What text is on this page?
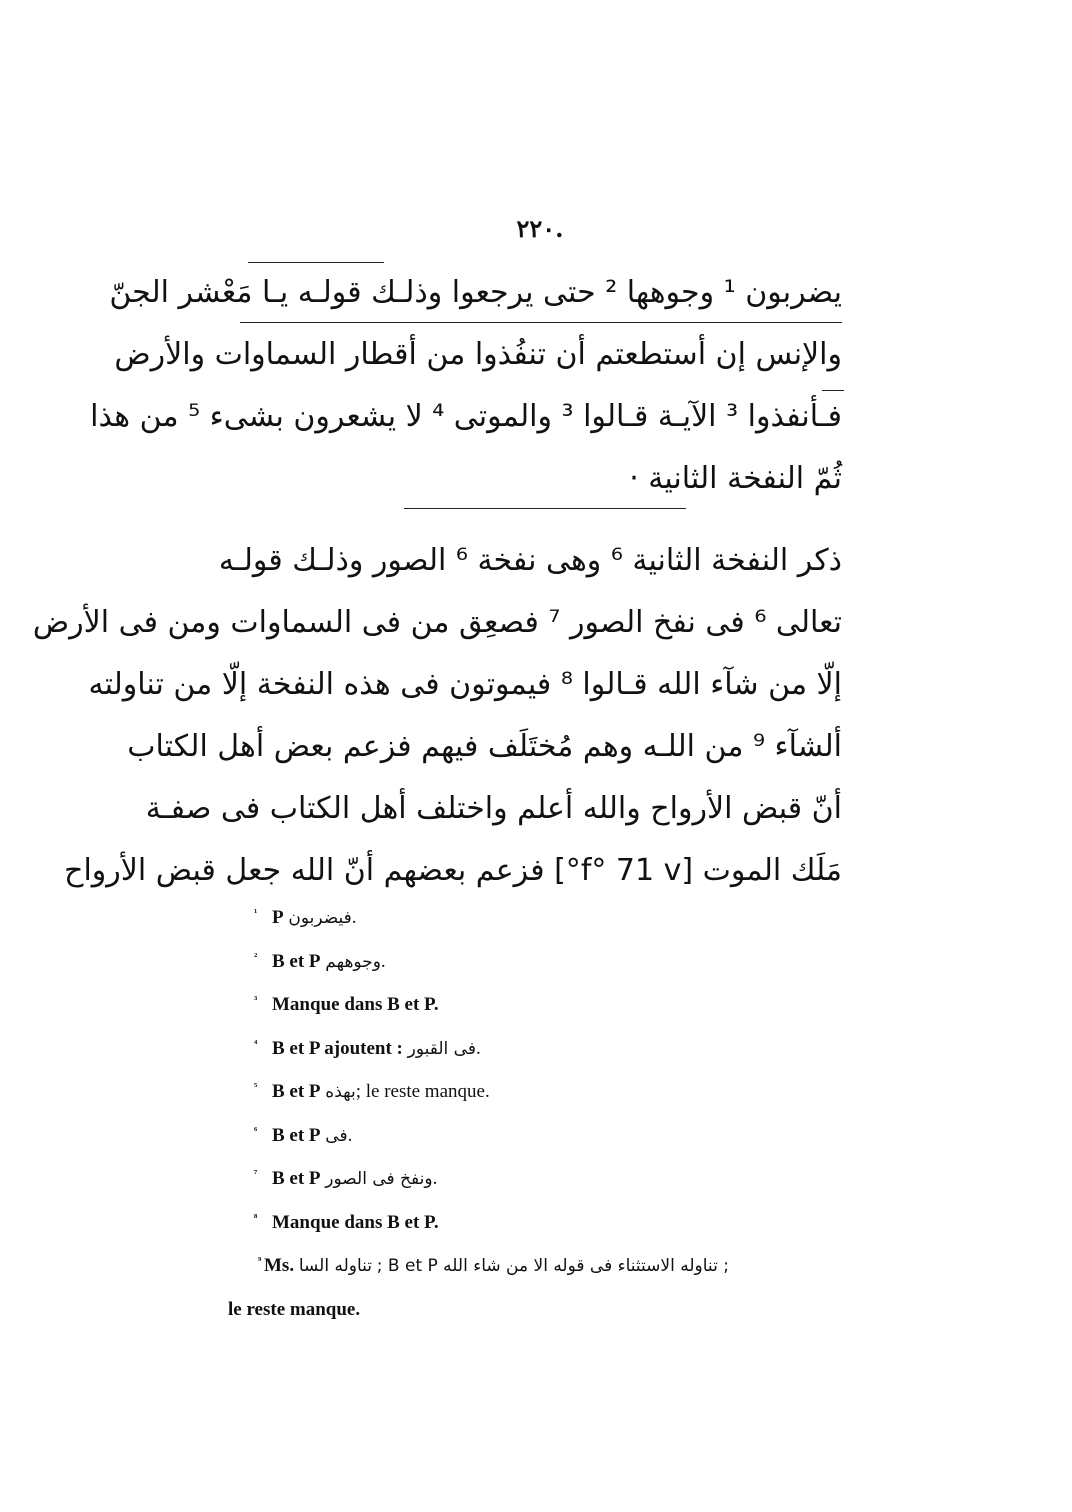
٢٢٠.
يضربون ¹ وجوهها ² حتى يرجعوا وذلـك قولـه يـا مَعْشر الجنّ
والإنس إن أستطعتم أن تنفُذوا من أقطار السماوات والأرض
فـأنفذوا ³ الآيـة قـالوا ³ والموتى ⁴ لا يشعرون بشىء ⁵ من هذا
ثُمّ النفخة الثانية ·
ذكر النفخة الثانية ⁶ وهى نفخة ⁶ الصور وذلـك قولـه
تعالى ⁶ فى نفخ الصور ⁷ فصعِق من فى السماوات ومن فى الأرض
إلّا من شآء الله قـالوا ⁸ فيموتون فى هذه النفخة إلّا من تناولته
ألشآء ⁹ من اللـه وهم مُختَلَف فيهم فزعم بعض أهل الكتاب
أنّ قبض الأرواح والله أعلم واختلف أهل الكتاب فى صفـة
مَلَك الموت [f° 71 v°] فزعم بعضهم أنّ الله جعل قبض الأرواح
¹ P فيضربون.
² B et P وجوههم.
³ Manque dans B et P.
⁴ B et P ajoutent : فى القبور.
⁵ B et P بهذه; le reste manque.
⁶ B et P فى.
⁷ B et P ونفخ فى الصور.
⁸ Manque dans B et P.
⁹ Ms. تناوله السا ; B et P تناوله الاستثناء فى قوله الا من شاء الله ;
le reste manque.
